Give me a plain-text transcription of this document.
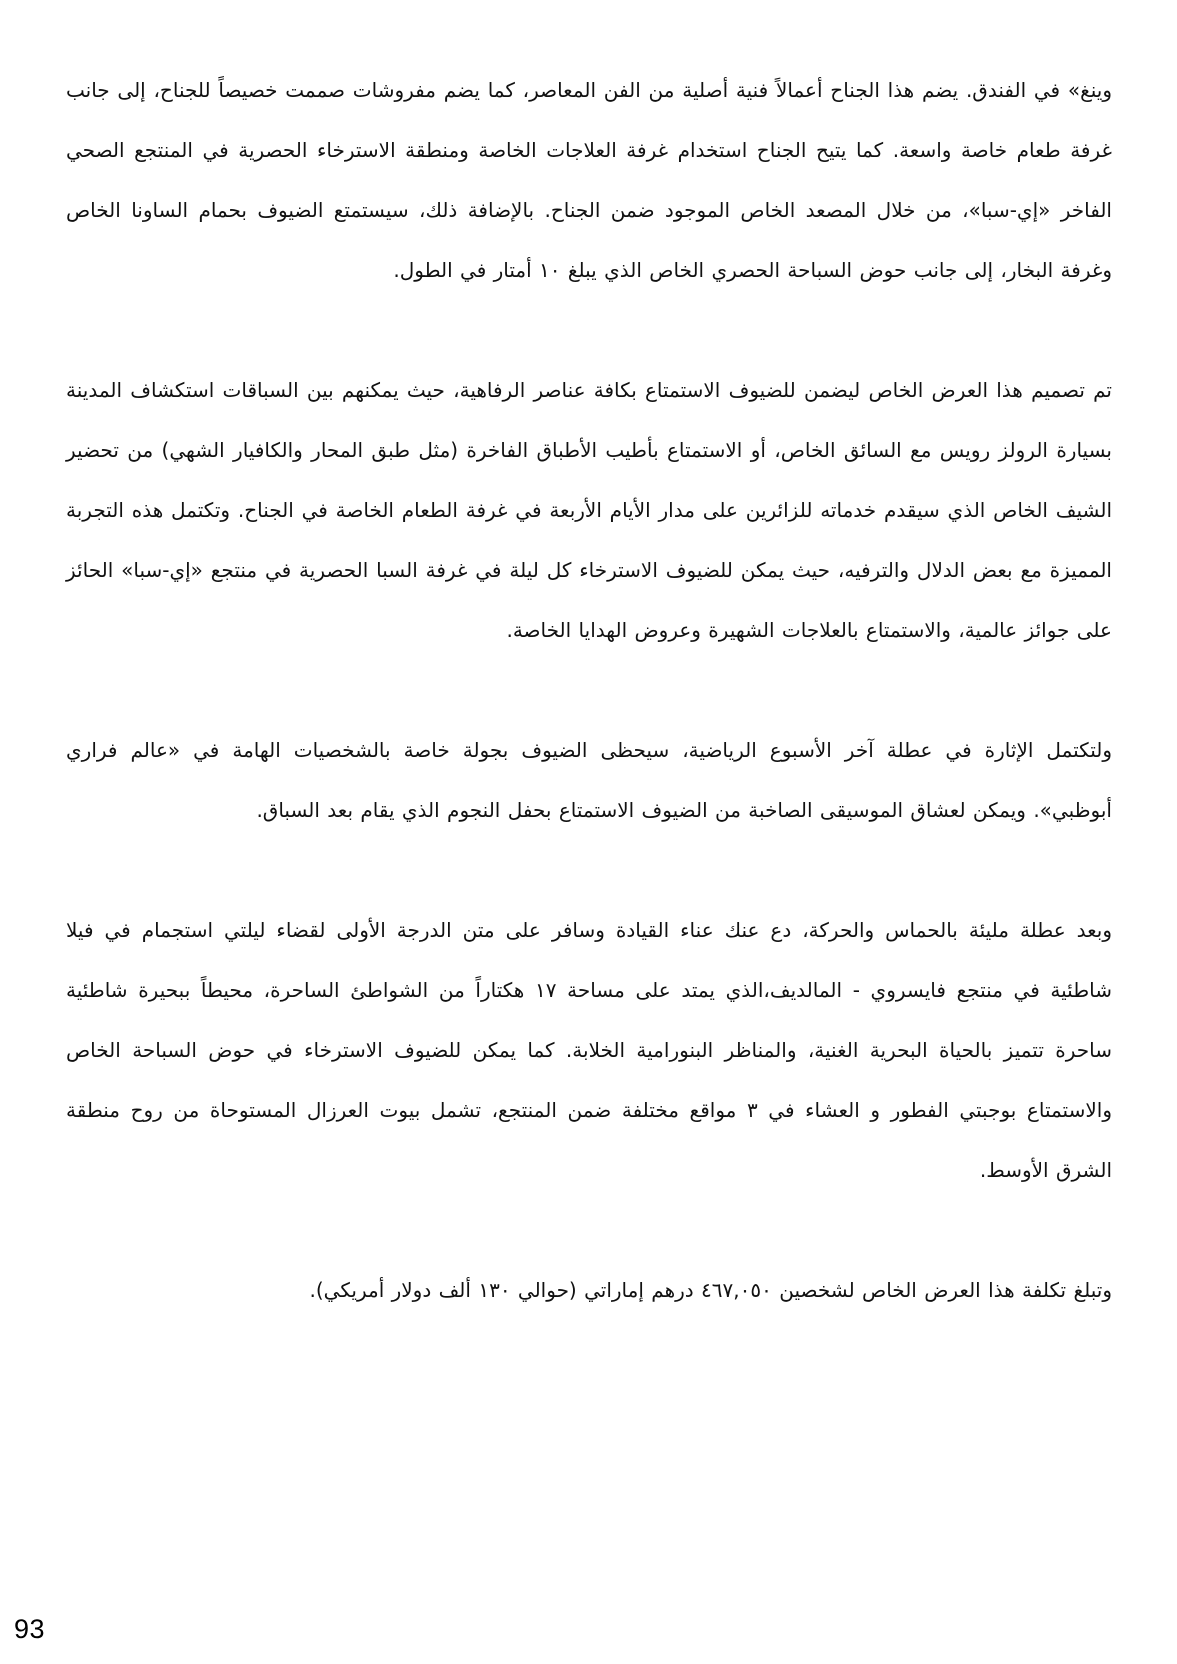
وينغ» في الفندق. يضم هذا الجناح أعمالاً فنية أصلية من الفن المعاصر، كما يضم مفروشات صممت خصيصاً للجناح، إلى جانب غرفة طعام خاصة واسعة. كما يتيح الجناح استخدام غرفة العلاجات الخاصة ومنطقة الاسترخاء الحصرية في المنتجع الصحي الفاخر «إي-سبا»، من خلال المصعد الخاص الموجود ضمن الجناح. بالإضافة ذلك، سيستمتع الضيوف بحمام الساونا الخاص وغرفة البخار، إلى جانب حوض السباحة الحصري الخاص الذي يبلغ ١٠ أمتار في الطول.

تم تصميم هذا العرض الخاص ليضمن للضيوف الاستمتاع بكافة عناصر الرفاهية، حيث يمكنهم بين السباقات استكشاف المدينة بسيارة الرولز رويس مع السائق الخاص، أو الاستمتاع بأطيب الأطباق الفاخرة (مثل طبق المحار والكافيار الشهي) من تحضير الشيف الخاص الذي سيقدم خدماته للزائرين على مدار الأيام الأربعة في غرفة الطعام الخاصة في الجناح. وتكتمل هذه التجربة المميزة مع بعض الدلال والترفيه، حيث يمكن للضيوف الاسترخاء كل ليلة في غرفة السبا الحصرية في منتجع «إي-سبا» الحائز على جوائز عالمية، والاستمتاع بالعلاجات الشهيرة وعروض الهدايا الخاصة.

ولتكتمل الإثارة في عطلة آخر الأسبوع الرياضية، سيحظى الضيوف بجولة خاصة بالشخصيات الهامة في «عالم فراري أبوظبي». ويمكن لعشاق الموسيقى الصاخبة من الضيوف الاستمتاع بحفل النجوم الذي يقام بعد السباق.

وبعد عطلة مليئة بالحماس والحركة، دع عنك عناء القيادة وسافر على متن الدرجة الأولى لقضاء ليلتي استجمام في فيلا شاطئية في منتجع فايسروي - المالديف،الذي يمتد على مساحة ١٧ هكتاراً من الشواطئ الساحرة، محيطاً ببحيرة شاطئية ساحرة تتميز بالحياة البحرية الغنية، والمناظر البنورامية الخلابة. كما يمكن للضيوف الاسترخاء في حوض السباحة الخاص والاستمتاع بوجبتي الفطور و العشاء في ٣ مواقع مختلفة ضمن المنتجع، تشمل بيوت العرزال المستوحاة من روح منطقة الشرق الأوسط.

وتبلغ تكلفة هذا العرض الخاص لشخصين ٤٦٧,٠٥٠ درهم إماراتي (حوالي ١٣٠ ألف دولار أمريكي).

93
